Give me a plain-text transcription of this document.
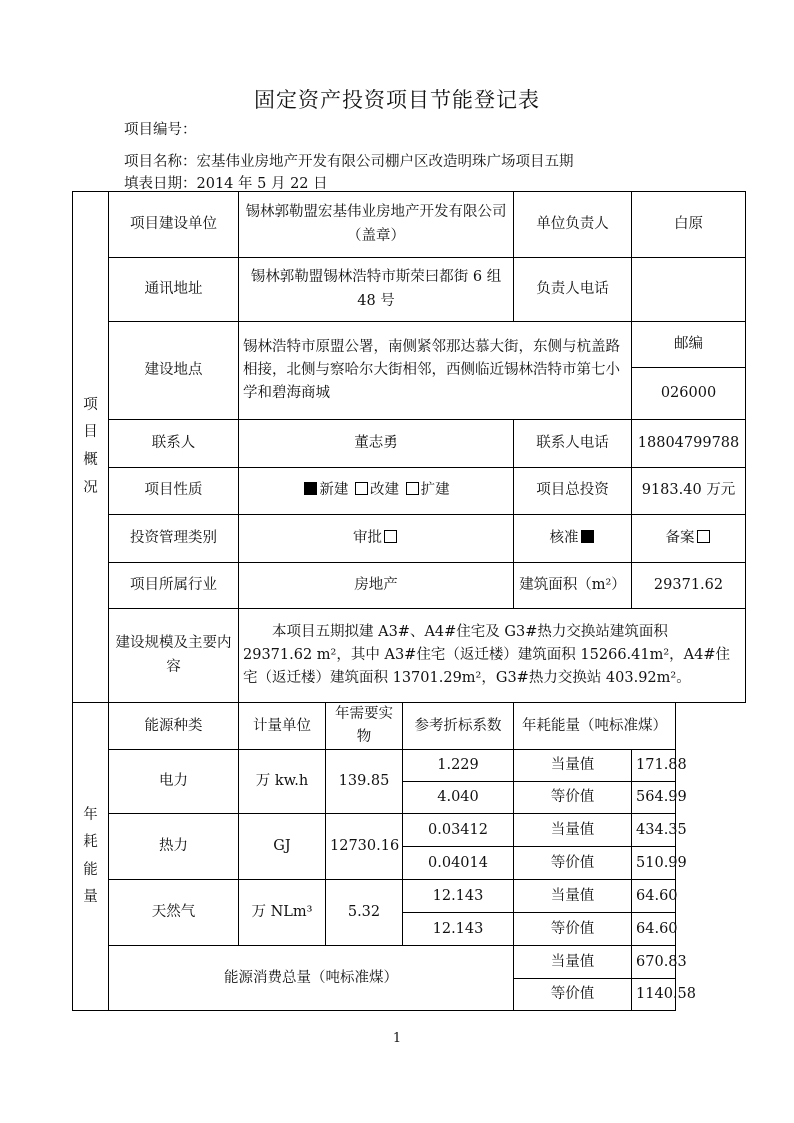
固定资产投资项目节能登记表
项目编号：
项目名称：宏基伟业房地产开发有限公司棚户区改造明珠广场项目五期
填表日期：2014 年 5 月 22 日
项
目
概
况	项目建设单位	锡林郭勒盟宏基伟业房地产开发有限公司（盖章）			单位负责人	白原
	通讯地址	锡林郭勒盟锡林浩特市斯荣曰都街 6 组 48 号			负责人电话	
	建设地点	锡林浩特市原盟公署，南侧紧邻那达慕大街，东侧与杭盖路相接，北侧与察哈尔大街相邻，西侧临近锡林浩特市第七小学和碧海商城				邮编
						026000
	联系人	董志勇			联系人电话	18804799788
	项目性质	新建 改建 扩建			项目总投资	9183.40 万元
	投资管理类别	审批			核准	备案
	项目所属行业	房地产			建筑面积（m²）	29371.62
	建设规模及主要内容	本项目五期拟建 A3#、A4#住宅及 G3#热力交换站建筑面积 29371.62 m²，其中 A3#住宅（返迁楼）建筑面积 15266.41m²，A4#住宅（返迁楼）建筑面积 13701.29m²，G3#热力交换站 403.92m²。				

年
耗
能
量	能源种类	计量单位	年需要实物	参考折标系数	年耗能量（吨标准煤）	
	电力	万 kw.h	139.85	1.229	当量值	171.88
				4.040	等价值	564.99
	热力	GJ	12730.16	0.03412	当量值	434.35
				0.04014	等价值	510.99
	天然气	万 NLm³	5.32	12.143	当量值	64.60
				12.143	等价值	64.60
	能源消费总量（吨标准煤）				当量值	670.83
					等价值	1140.58
1
